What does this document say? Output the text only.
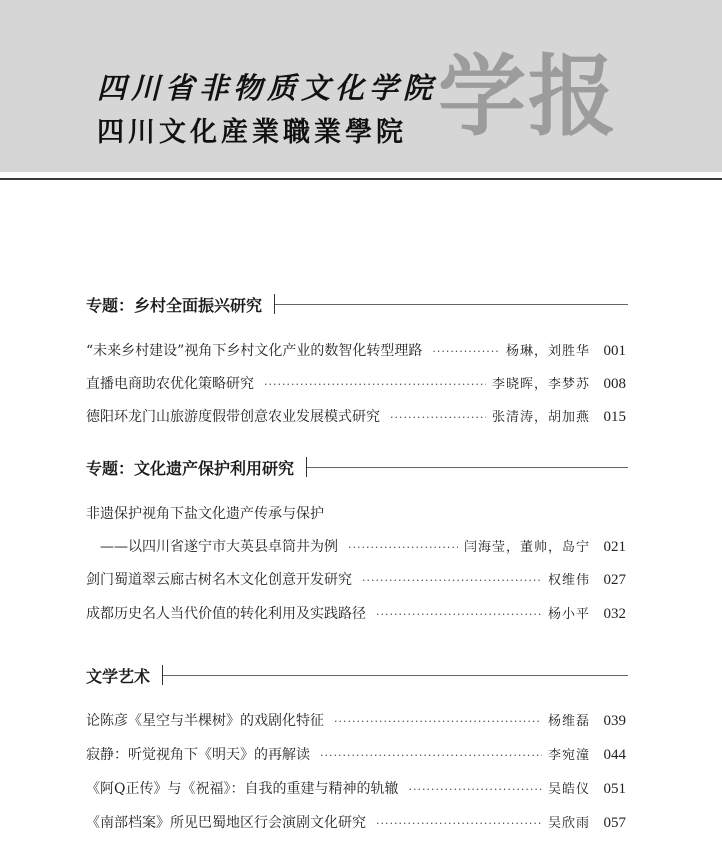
四川省非物质文化学院
四川文化産業職業學院 学报
专题：乡村全面振兴研究
“未来乡村建设”视角下乡村文化产业的数智化转型理路 ·····	杨琳，刘胜华 001
直播电商助农优化策略研究 ·····	李晓晖，李梦苏 008
德阳环龙门山旅游度假带创意农业发展模式研究 ·····	张清涛，胡加燕 015
专题：文化遗产保护利用研究
非遗保护视角下盐文化遗产传承与保护
——以四川省遂宁市大英县卓筒井为例 ·····	闫海莹，董帅，岛宁 021
剑门蜀道翠云廊古树名木文化创意开发研究 ·····	权维伟 027
成都历史名人当代价值的转化利用及实践路径 ·····	杨小平 032
文学艺术
论陈彦《星空与半棵树》的戏剧化特征 ·····	杨维磊 039
寂静：听觉视角下《明天》的再解读 ·····	李宛潼 044
《阿Q正传》与《祝福》：自我的重建与精神的轨辙 ·····	吴皓仪 051
《南部档案》所见巴蜀地区行会演剧文化研究 ·····	吴欣雨 057
